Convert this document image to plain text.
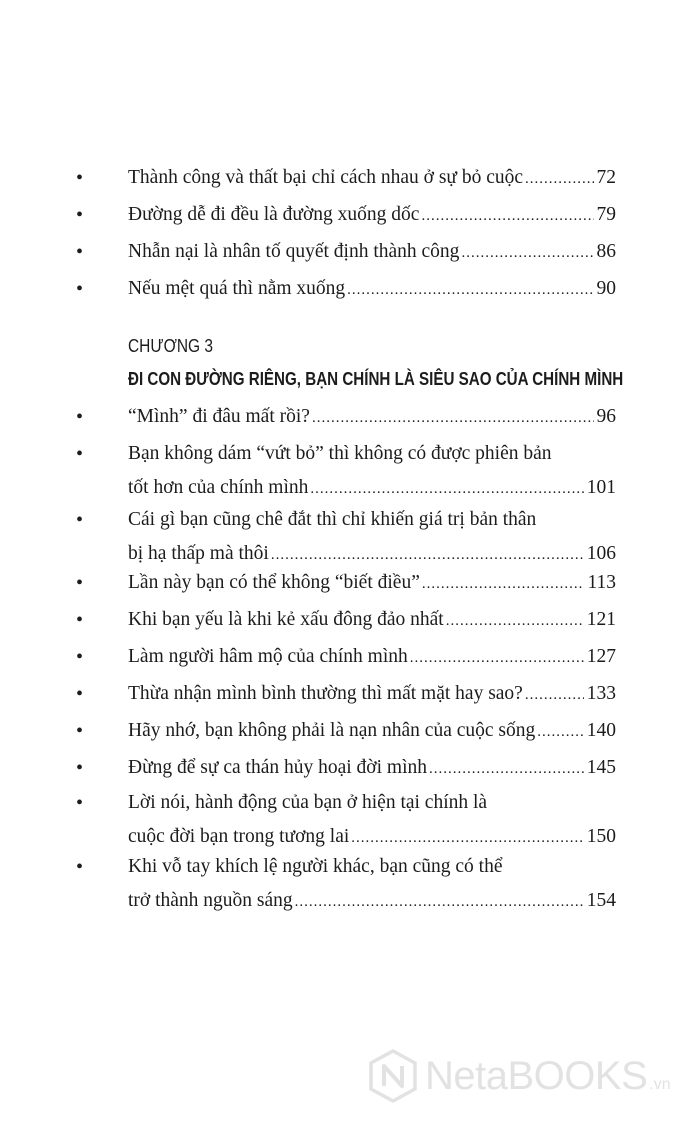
• Thành công và thất bại chỉ cách nhau ở sự bỏ cuộc .....	72
• Đường dễ đi đều là đường xuống dốc .....	79
• Nhẫn nại là nhân tố quyết định thành công .....	86
• Nếu mệt quá thì nằm xuống .....	90
CHƯƠNG 3
ĐI CON ĐƯỜNG RIÊNG, BẠN CHÍNH LÀ SIÊU SAO CỦA CHÍNH MÌNH
• “Mình” đi đâu mất rồi? .....	96
• Bạn không dám “vứt bỏ” thì không có được phiên bản
tốt hơn của chính mình .....	101
• Cái gì bạn cũng chê đắt thì chỉ khiến giá trị bản thân
bị hạ thấp mà thôi .....	106
• Lần này bạn có thể không “biết điều” .....	113
• Khi bạn yếu là khi kẻ xấu đông đảo nhất .....	121
• Làm người hâm mộ của chính mình .....	127
• Thừa nhận mình bình thường thì mất mặt hay sao? .....	133
• Hãy nhớ, bạn không phải là nạn nhân của cuộc sống .....	140
• Đừng để sự ca thán hủy hoại đời mình .....	145
• Lời nói, hành động của bạn ở hiện tại chính là
cuộc đời bạn trong tương lai .....	150
• Khi vỗ tay khích lệ người khác, bạn cũng có thể
trở thành nguồn sáng .....	154
NetaBOOKS .vn
